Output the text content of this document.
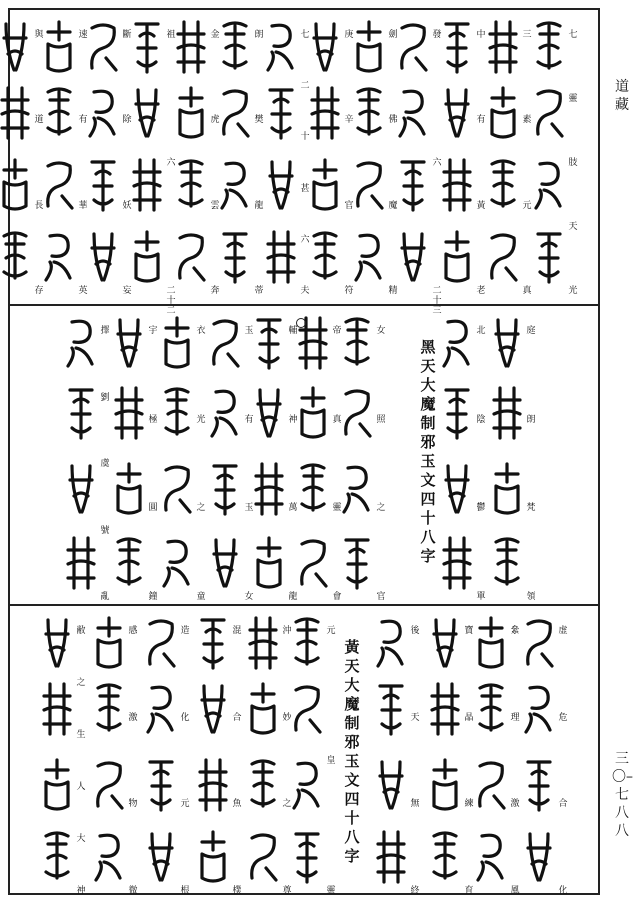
道藏
三〇–七八八
七
靈
肢
天
光
三
素
元
真
中
有
黃
老
發
六
二十三
劍
佛
魔
精
庚
辛
官
符
七
二
十
甚
六
夫
朗
樊
龍
蒂
金
虎
雲
奔
祖
六
二十二
斷
除
妖
妄
速
有
華
英
與
道
長
存
黑天大魔制邪玉文四十八字
庭
朗
梵
領
北
陰
鬱
單
女
照
之
官
帝
真
靈
會
輔
神
萬
龍
玉
有
玉
女
衣
光
之
童
宇
極
圓
鐘
擇
劉
虞
號
亂
黃天大魔制邪玉文四十八字
虚
危
合
化
絫
理
激
風
寶
晶
練
育
後
天
無
終
元
皇
靈
沖
妙
之
尊
混
合
魚
樸
造
化
元
根
感
激
物
微
敝
之
生
人
大
神
